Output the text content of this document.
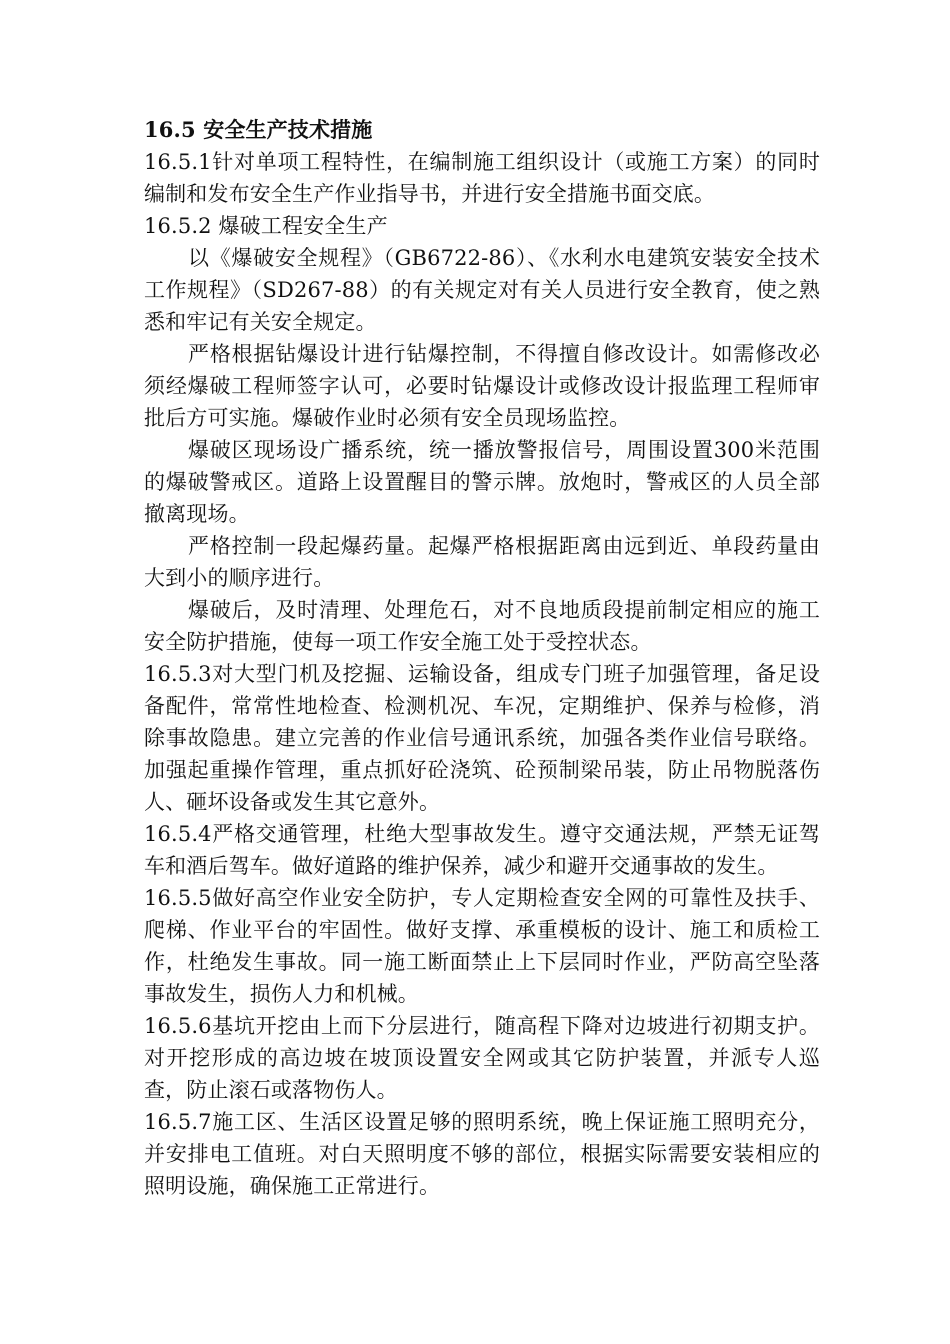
16.5 安全生产技术措施

16.5.1针对单项工程特性，在编制施工组织设计（或施工方案）的同时编制和发布安全生产作业指导书，并进行安全措施书面交底。

16.5.2 爆破工程安全生产

以《爆破安全规程》（GB6722-86）、《水利水电建筑安装安全技术工作规程》（SD267-88）的有关规定对有关人员进行安全教育，使之熟悉和牢记有关安全规定。

严格根据钻爆设计进行钻爆控制，不得擅自修改设计。如需修改必须经爆破工程师签字认可，必要时钻爆设计或修改设计报监理工程师审批后方可实施。爆破作业时必须有安全员现场监控。

爆破区现场设广播系统，统一播放警报信号，周围设置300米范围的爆破警戒区。道路上设置醒目的警示牌。放炮时，警戒区的人员全部撤离现场。

严格控制一段起爆药量。起爆严格根据距离由远到近、单段药量由大到小的顺序进行。

爆破后，及时清理、处理危石，对不良地质段提前制定相应的施工安全防护措施，使每一项工作安全施工处于受控状态。

16.5.3对大型门机及挖掘、运输设备，组成专门班子加强管理，备足设备配件，常常性地检查、检测机况、车况，定期维护、保养与检修，消除事故隐患。建立完善的作业信号通讯系统，加强各类作业信号联络。加强起重操作管理，重点抓好砼浇筑、砼预制梁吊装，防止吊物脱落伤人、砸坏设备或发生其它意外。

16.5.4严格交通管理，杜绝大型事故发生。遵守交通法规，严禁无证驾车和酒后驾车。做好道路的维护保养，减少和避开交通事故的发生。

16.5.5做好高空作业安全防护，专人定期检查安全网的可靠性及扶手、爬梯、作业平台的牢固性。做好支撑、承重模板的设计、施工和质检工作，杜绝发生事故。同一施工断面禁止上下层同时作业，严防高空坠落事故发生，损伤人力和机械。

16.5.6基坑开挖由上而下分层进行，随高程下降对边坡进行初期支护。对开挖形成的高边坡在坡顶设置安全网或其它防护装置，并派专人巡查，防止滚石或落物伤人。

16.5.7施工区、生活区设置足够的照明系统，晚上保证施工照明充分，并安排电工值班。对白天照明度不够的部位，根据实际需要安装相应的照明设施，确保施工正常进行。
